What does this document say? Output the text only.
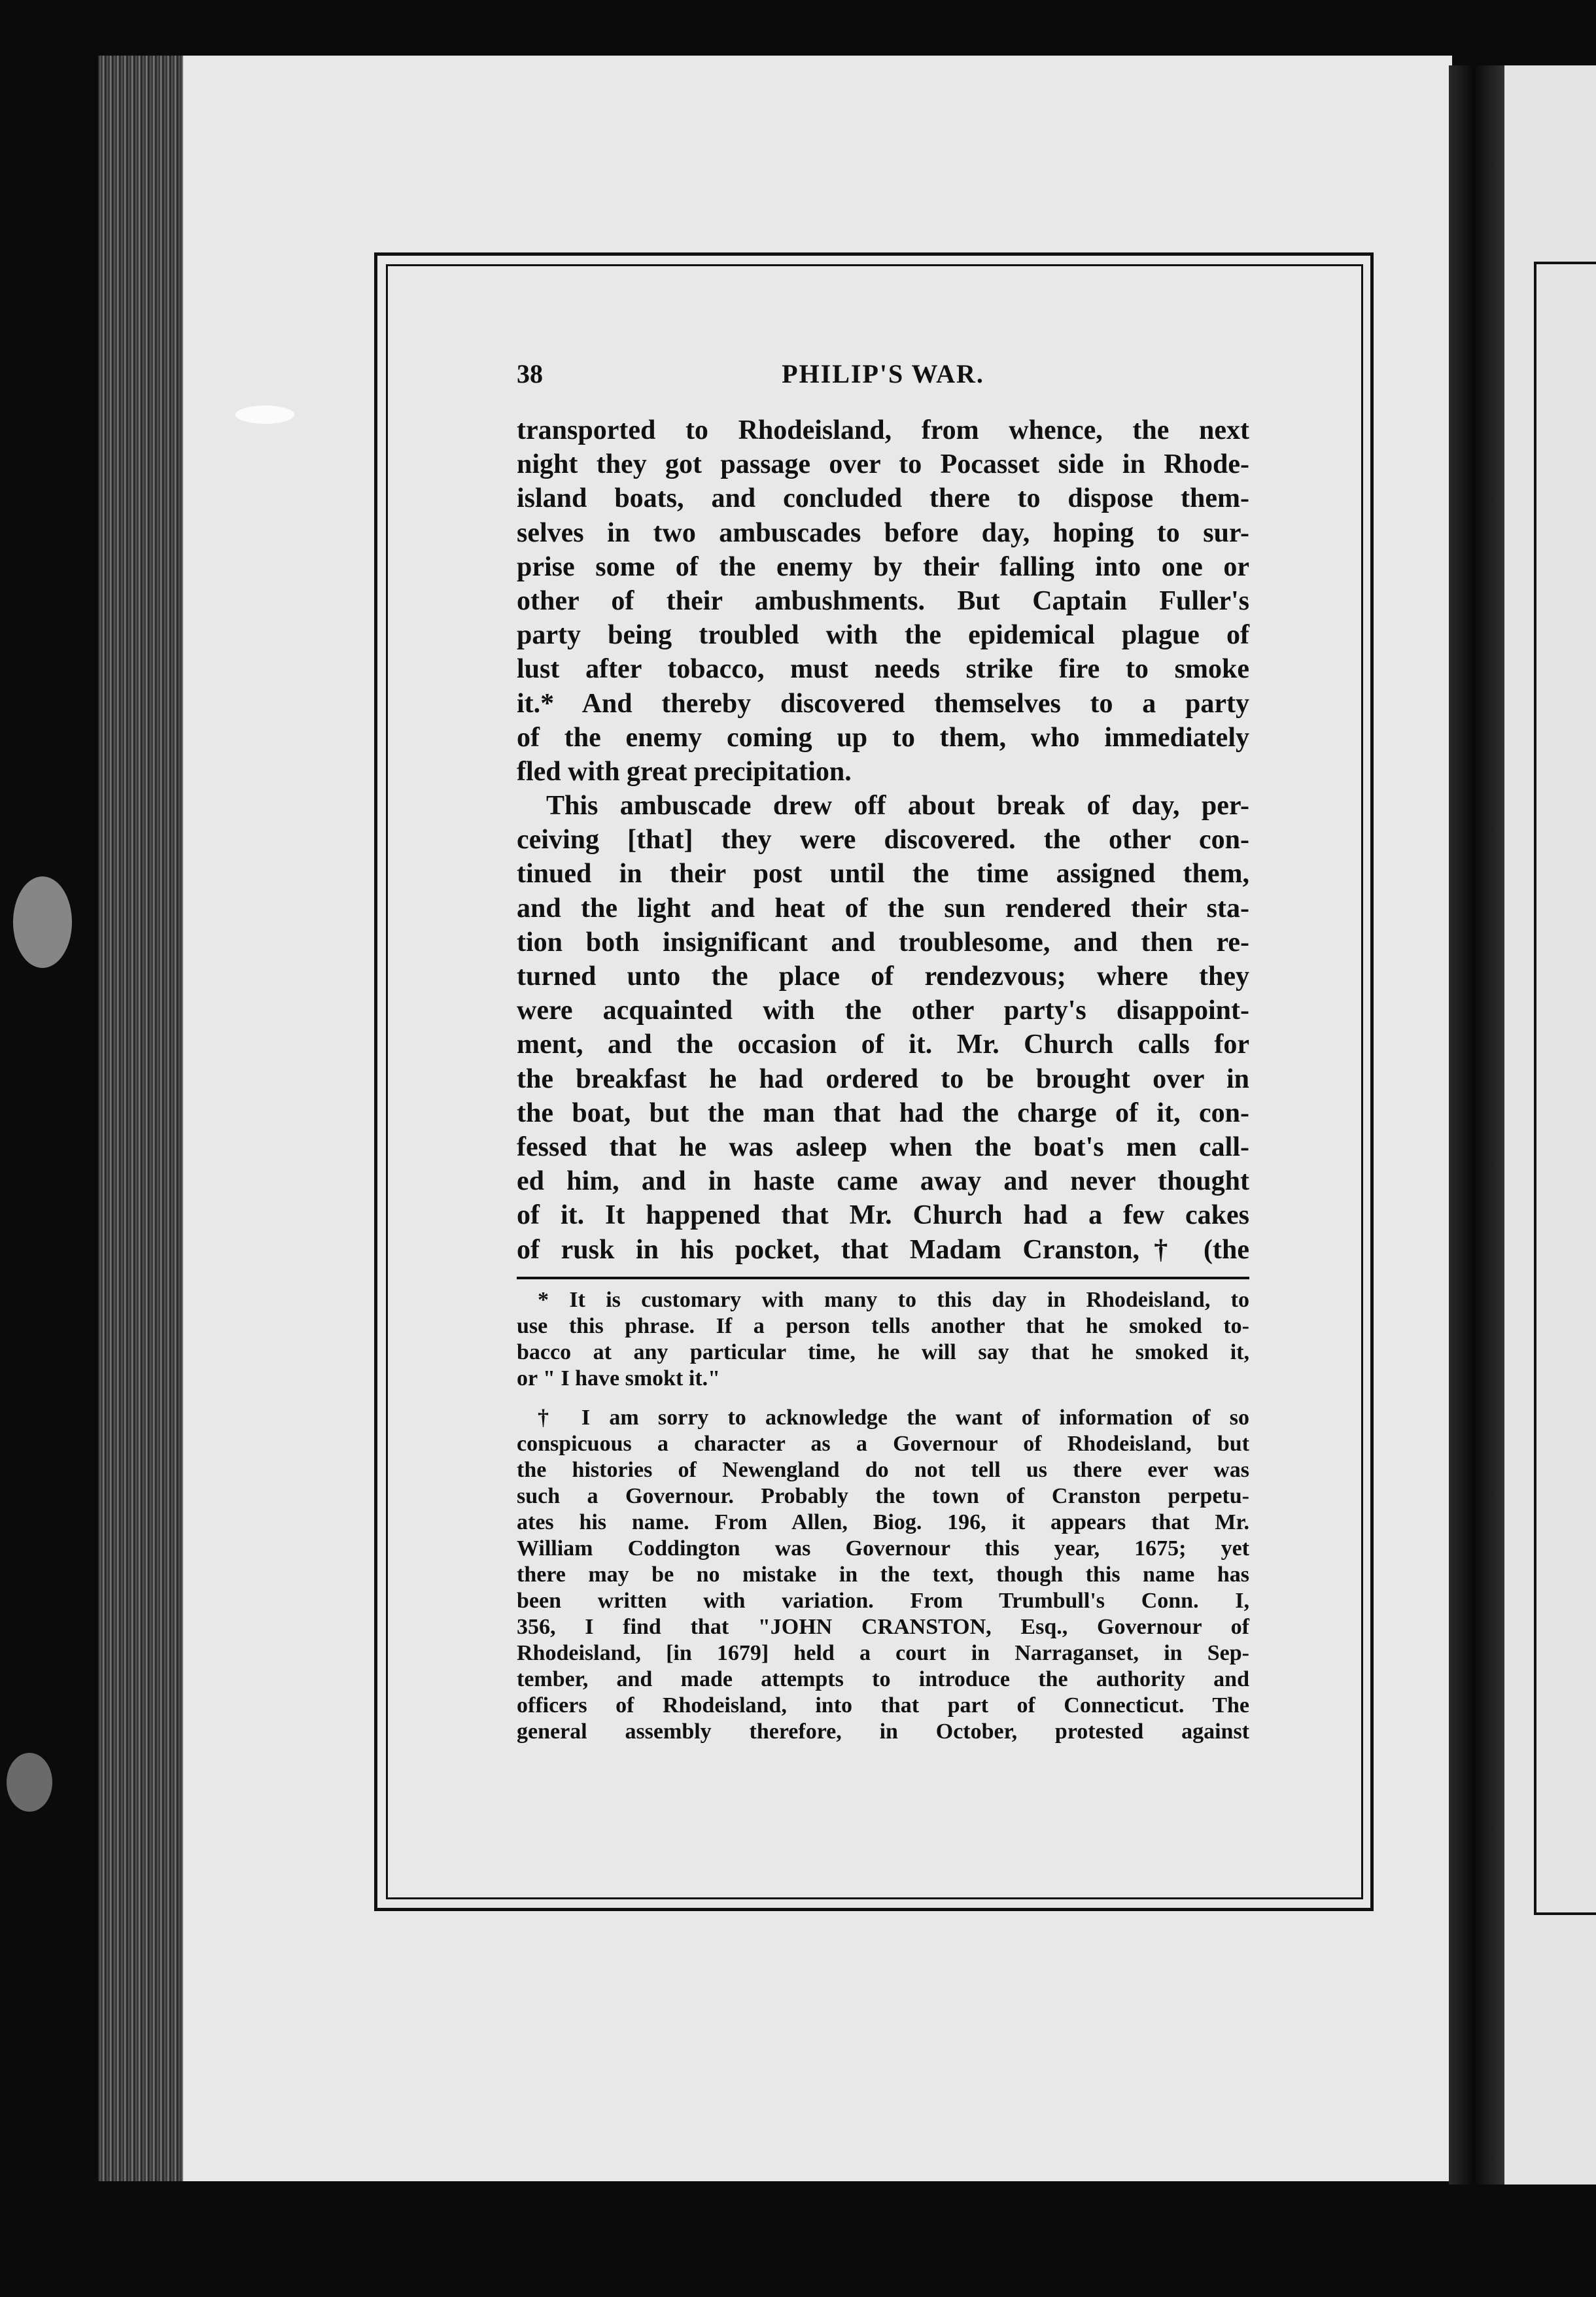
38	PHILIP'S WAR.
transported to Rhodeisland, from whence, the next
night they got passage over to Pocasset side in Rhode-
island boats, and concluded there to dispose them-
selves in two ambuscades before day, hoping to sur-
prise some of the enemy by their falling into one or
other of their ambushments. But Captain Fuller's
party being troubled with the epidemical plague of
lust after tobacco, must needs strike fire to smoke
it.* And thereby discovered themselves to a party
of the enemy coming up to them, who immediately
fled with great precipitation.
This ambuscade drew off about break of day, per-
ceiving [that] they were discovered. the other con-
tinued in their post until the time assigned them,
and the light and heat of the sun rendered their sta-
tion both insignificant and troublesome, and then re-
turned unto the place of rendezvous; where they
were acquainted with the other party's disappoint-
ment, and the occasion of it. Mr. Church calls for
the breakfast he had ordered to be brought over in
the boat, but the man that had the charge of it, con-
fessed that he was asleep when the boat's men call-
ed him, and in haste came away and never thought
of it. It happened that Mr. Church had a few cakes
of rusk in his pocket, that Madam Cranston,† (the
* It is customary with many to this day in Rhodeisland, to
use this phrase. If a person tells another that he smoked to-
bacco at any particular time, he will say that he smoked it,
or " I have smokt it."
† I am sorry to acknowledge the want of information of so
conspicuous a character as a Governour of Rhodeisland, but
the histories of Newengland do not tell us there ever was
such a Governour. Probably the town of Cranston perpetu-
ates his name. From Allen, Biog. 196, it appears that Mr.
William Coddington was Governour this year, 1675; yet
there may be no mistake in the text, though this name has
been written with variation. From Trumbull's Conn. I,
356, I find that "JOHN CRANSTON, Esq., Governour of
Rhodeisland, [in 1679] held a court in Narraganset, in Sep-
tember, and made attempts to introduce the authority and
officers of Rhodeisland, into that part of Connecticut. The
general assembly therefore, in October, protested against
